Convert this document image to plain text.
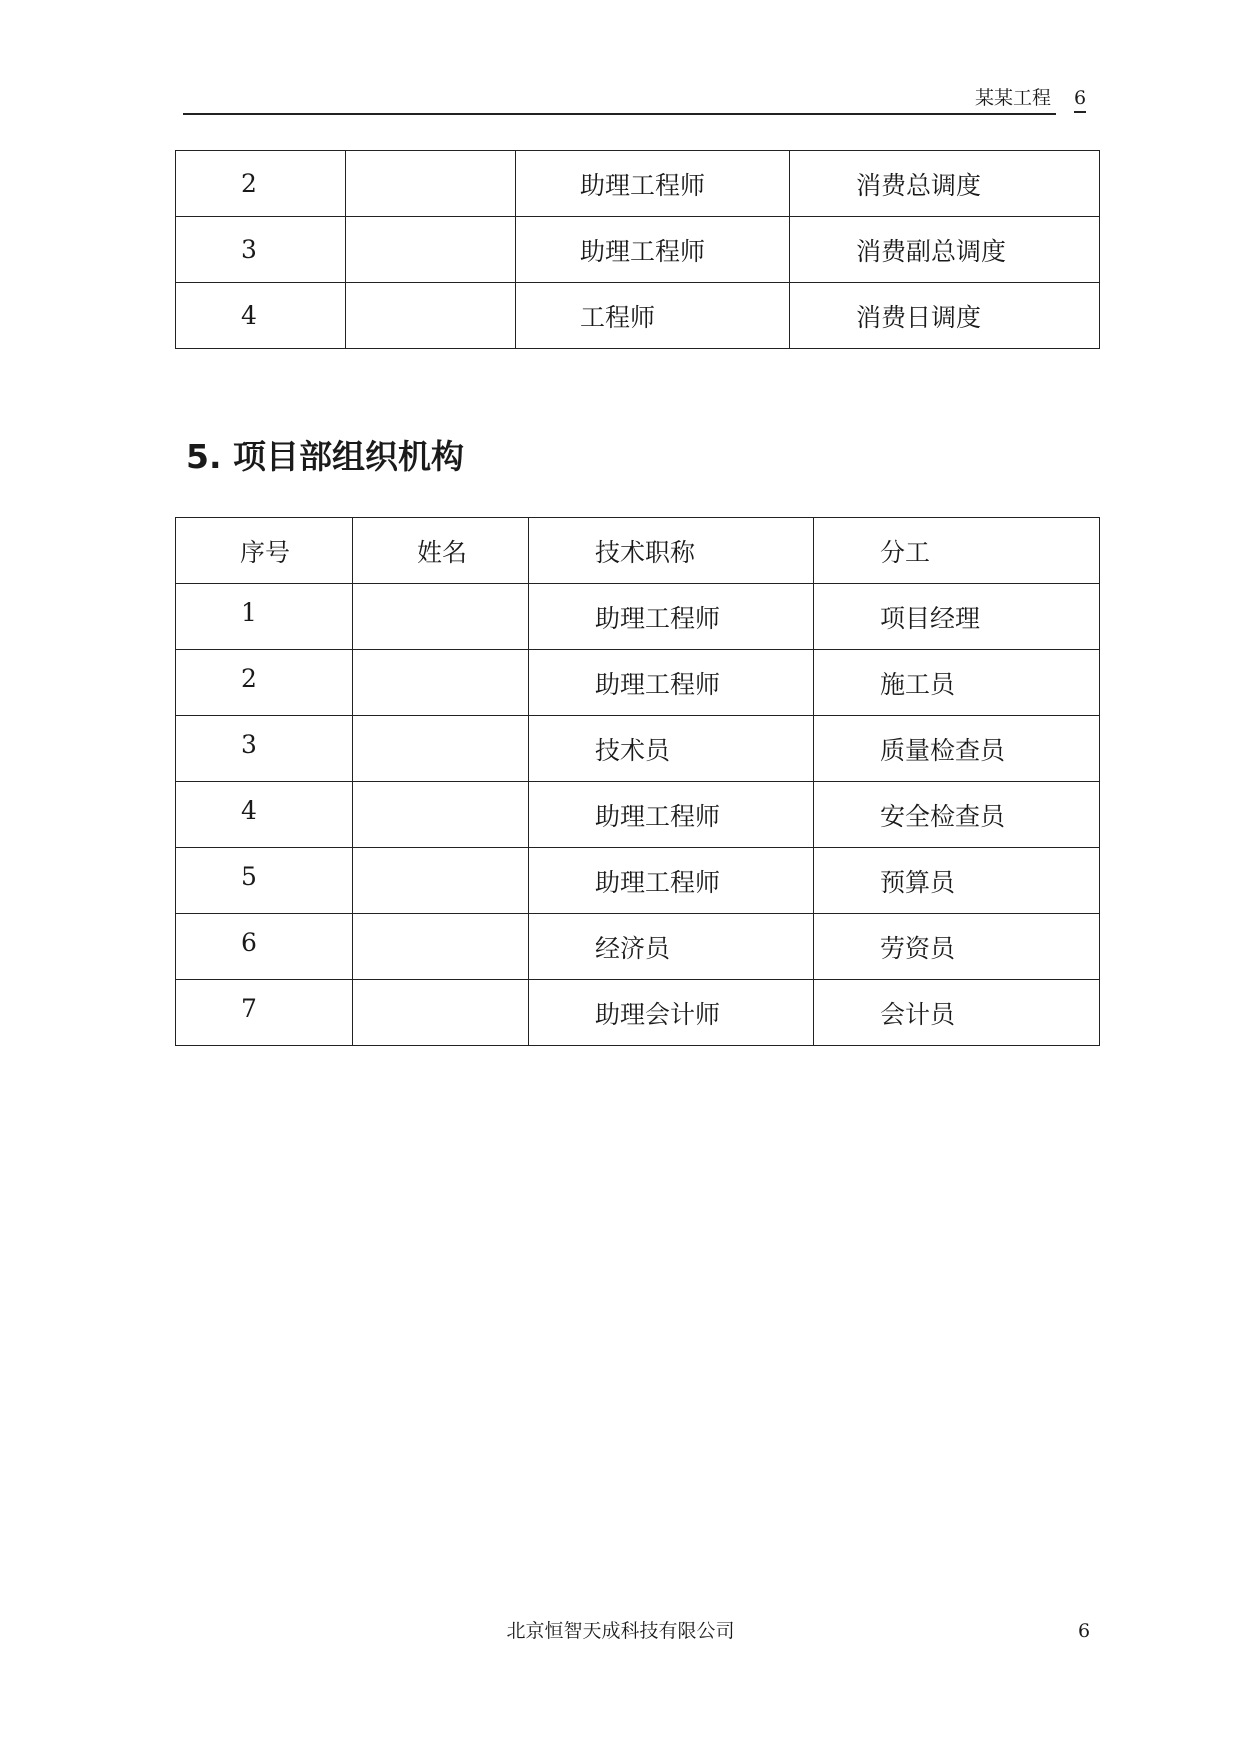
某某工程 6
2		助理工程师	消费总调度
3		助理工程师	消费副总调度
4		工程师	消费日调度
5. 项目部组织机构
序号	姓名	技术职称	分工
1		助理工程师	项目经理
2		助理工程师	施工员
3		技术员	质量检查员
4		助理工程师	安全检查员
5		助理工程师	预算员
6		经济员	劳资员
7		助理会计师	会计员
北京恒智天成科技有限公司	6
